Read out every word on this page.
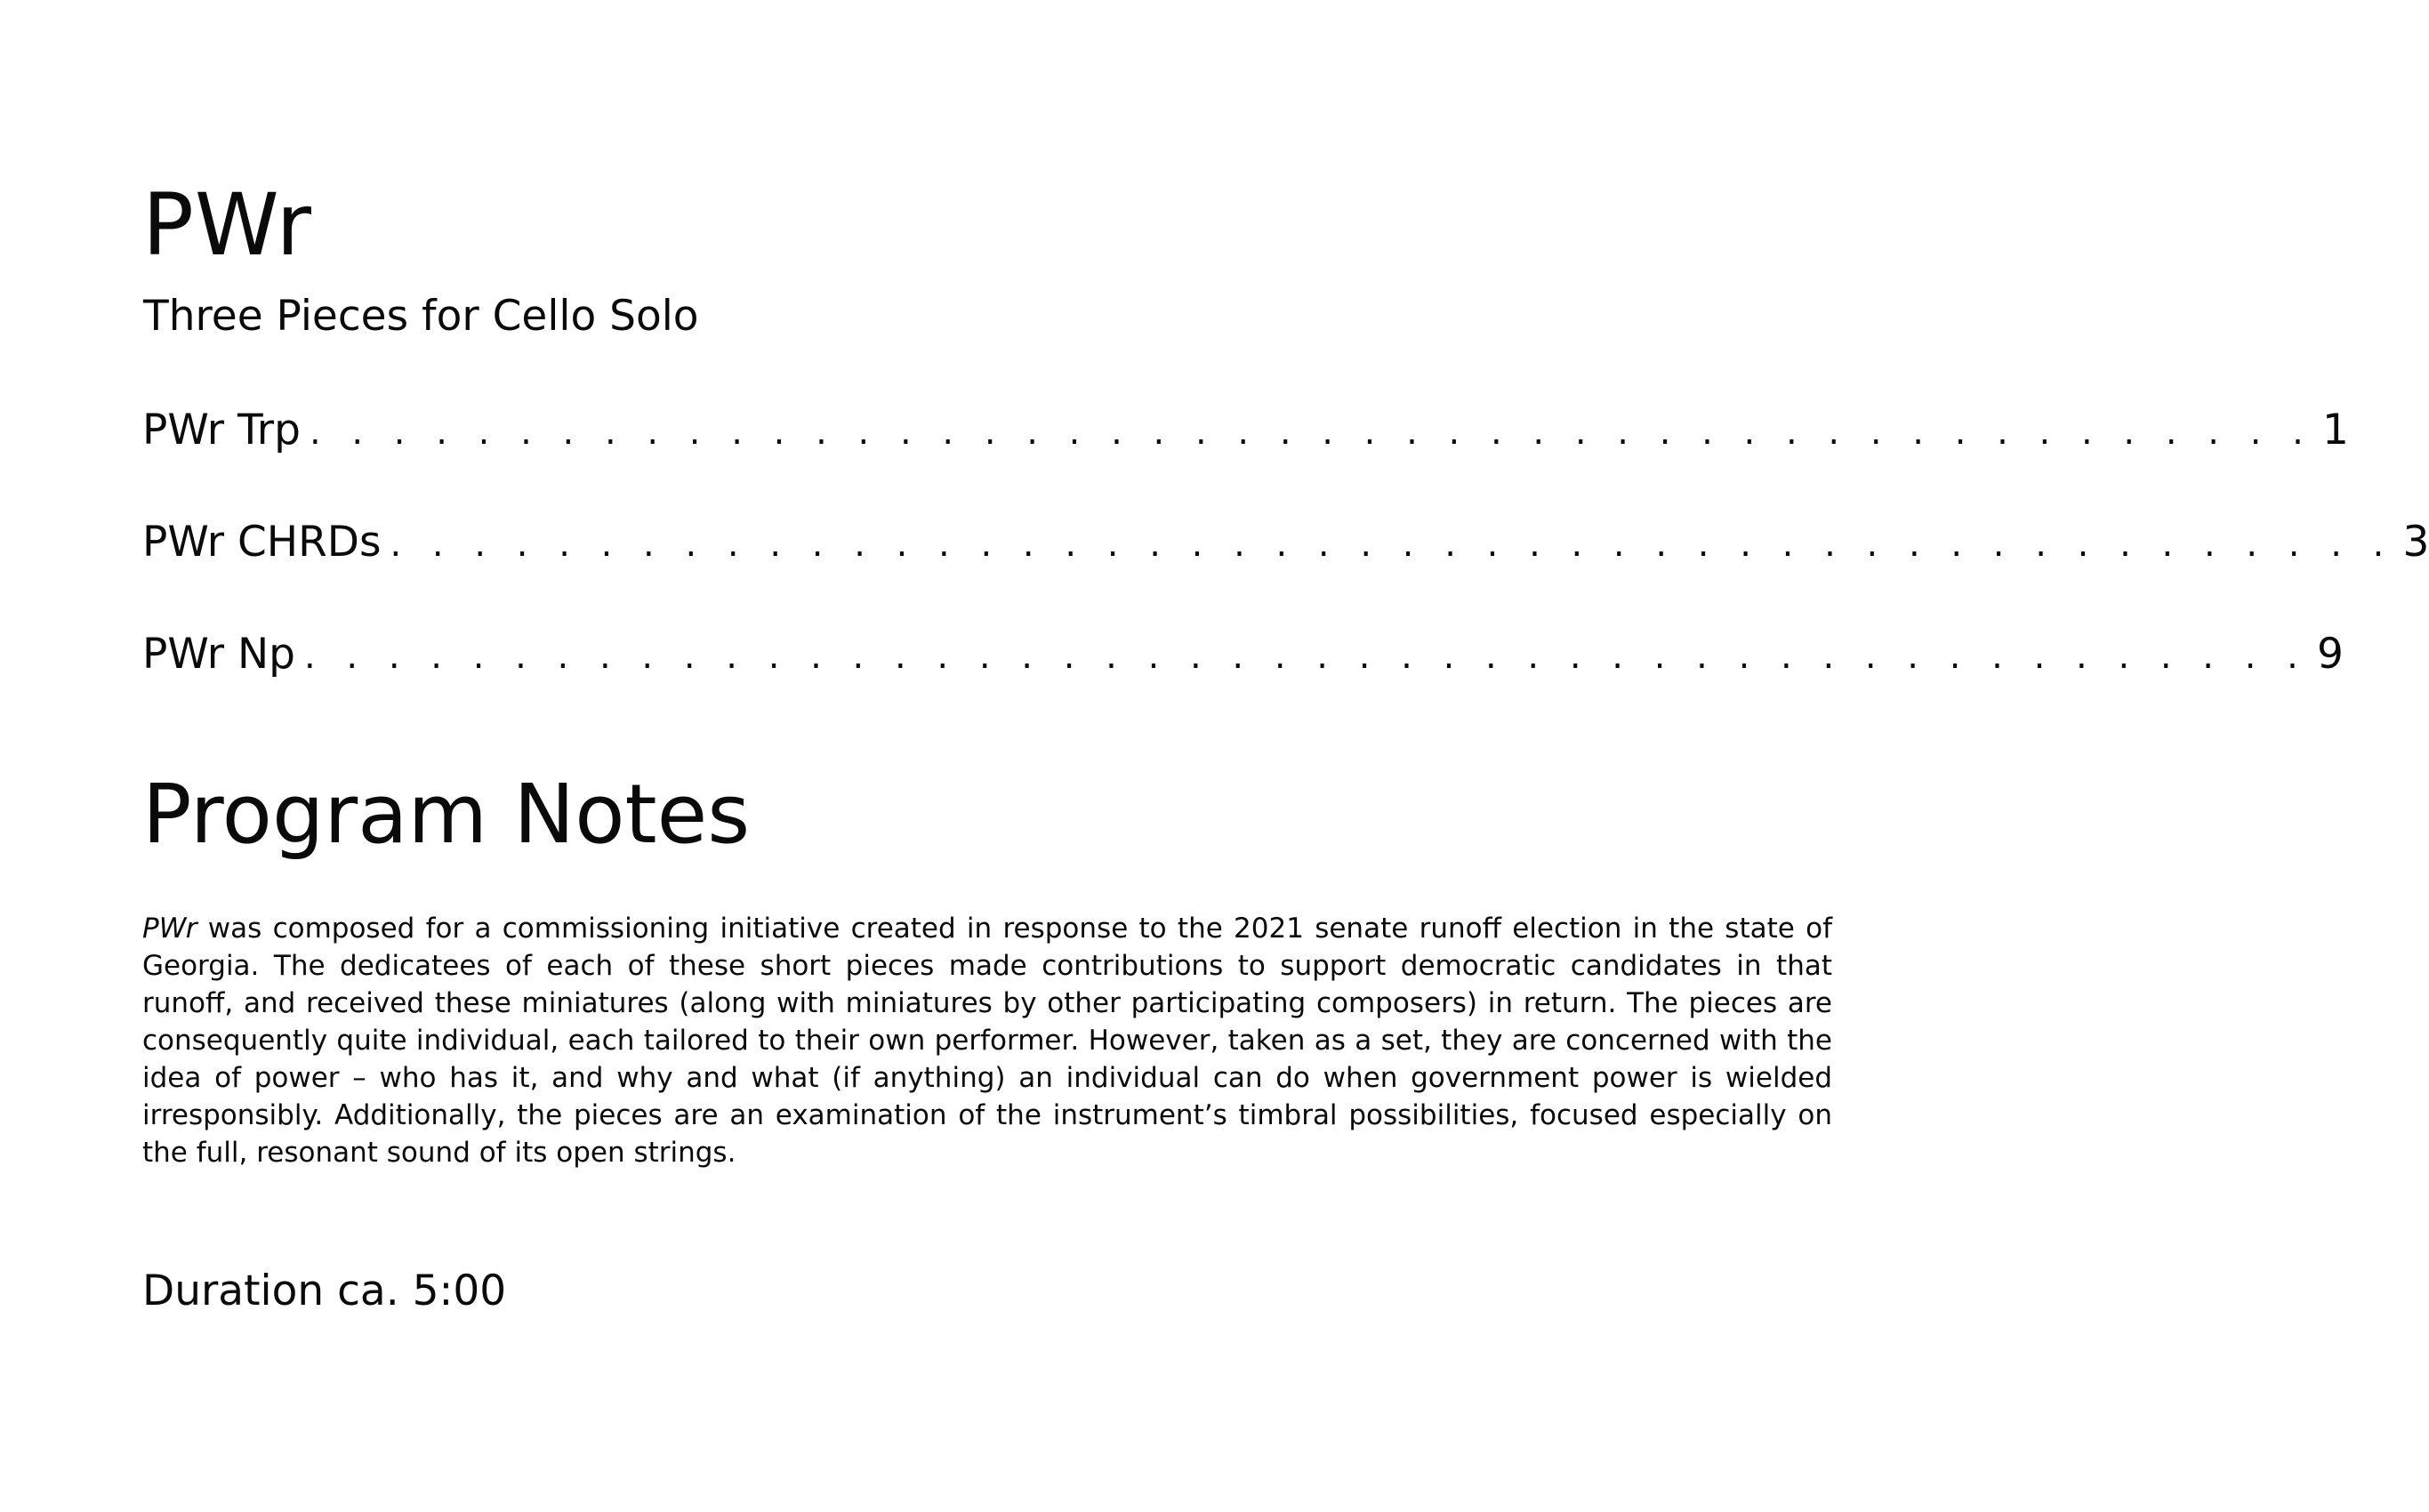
PWr
Three Pieces for Cello Solo
PWr Trp . . . . . . . . . . . . . . . . . . . . . . . . . . . . . . . . . . . . . . . . . . . . . . . . 1
PWr CHRDs . . . . . . . . . . . . . . . . . . . . . . . . . . . . . . . . . . . . . . . . . . . . . . . . 3
PWr Np . . . . . . . . . . . . . . . . . . . . . . . . . . . . . . . . . . . . . . . . . . . . . . . . 9
Program Notes

PWr was composed for a commissioning initiative created in response to the 2021 senate runoff election in the state of Georgia. The dedicatees of each of these short pieces made contributions to support democratic candidates in that runoff, and received these miniatures (along with miniatures by other participating composers) in return. The pieces are consequently quite individual, each tailored to their own performer. However, taken as a set, they are concerned with the idea of power – who has it, and why and what (if anything) an individual can do when government power is wielded irresponsibly. Additionally, the pieces are an examination of the instrument’s timbral possibilities, focused especially on the full, resonant sound of its open strings.

Duration ca. 5:00
